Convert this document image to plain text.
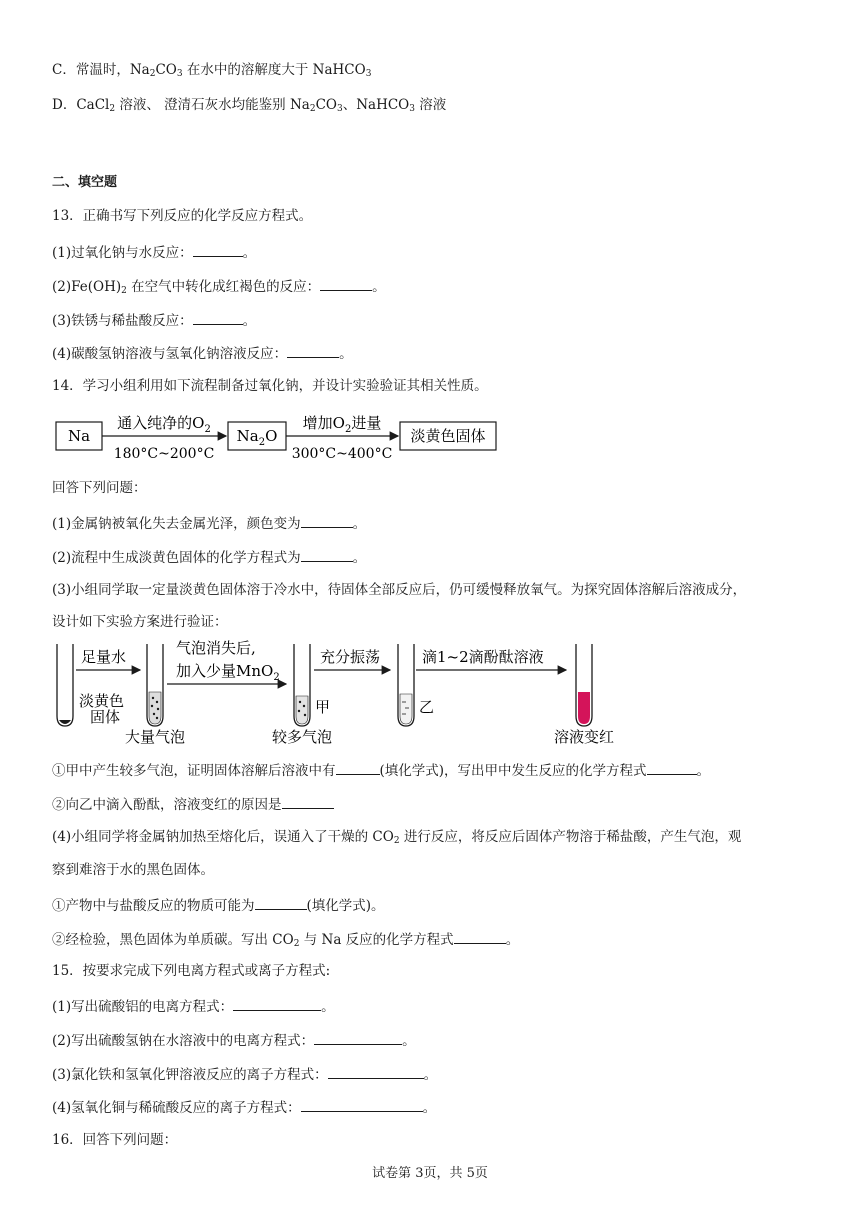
C．常温时，$Na_2CO_3$ 在水中的溶解度大于 NaHCO$_3$
D．CaCl$_2$ 溶液、 澄清石灰水均能鉴别 $Na_2CO_3$、NaHCO$_3$ 溶液
二、填空题
13．正确书写下列反应的化学反应方程式。
(1)过氧化钠与水反应：	。
$(2)Fe(OH)_2$ 在空气中转化成红褐色的反应：	。
(3)铁锈与稀盐酸反应：	。
(4)碳酸氢钠溶液与氢氧化钠溶液反应：	。
14．学习小组利用如下流程制备过氧化钠，并设计实验验证其相关性质。
Na
通入纯净的$O_2$
180°C~200°C
$Na_2O$
增加$O_2$进量
300°C~400°C
淡黄色固体
回答下列问题：
(1)金属钠被氧化失去金属光泽，颜色变为	。
(2)流程中生成淡黄色固体的化学方程式为	。
(3)小组同学取一定量淡黄色固体溶于冷水中，待固体全部反应后，仍可缓慢释放氧气。为探究固体溶解后溶液成分，
设计如下实验方案进行验证：
足量水
淡黄色
固体
大量气泡
气泡消失后,
加入少量MnO$_2$
甲
较多气泡
充分振荡
乙
滴1~2滴酚酞溶液
溶液变红
①甲中产生较多气泡，证明固体溶解后溶液中有	(填化学式)，写出甲中发生反应的化学方程式	。
②向乙中滴入酚酞，溶液变红的原因是
(4)小组同学将金属钠加热至熔化后，误通入了干燥的 $CO_2$ 进行反应，将反应后固体产物溶于稀盐酸，产生气泡，观
察到难溶于水的黑色固体。
①产物中与盐酸反应的物质可能为	(填化学式)。
②经检验，黑色固体为单质碳。写出 $CO_2$ 与 Na 反应的化学方程式	。
15．按要求完成下列电离方程式或离子方程式:
(1)写出硫酸铝的电离方程式：	。
(2)写出硫酸氢钠在水溶液中的电离方程式：	。
(3)氯化铁和氢氧化钾溶液反应的离子方程式：	。
(4)氢氧化铜与稀硫酸反应的离子方程式：	。
16．回答下列问题：
试卷第 3页，共 5页
